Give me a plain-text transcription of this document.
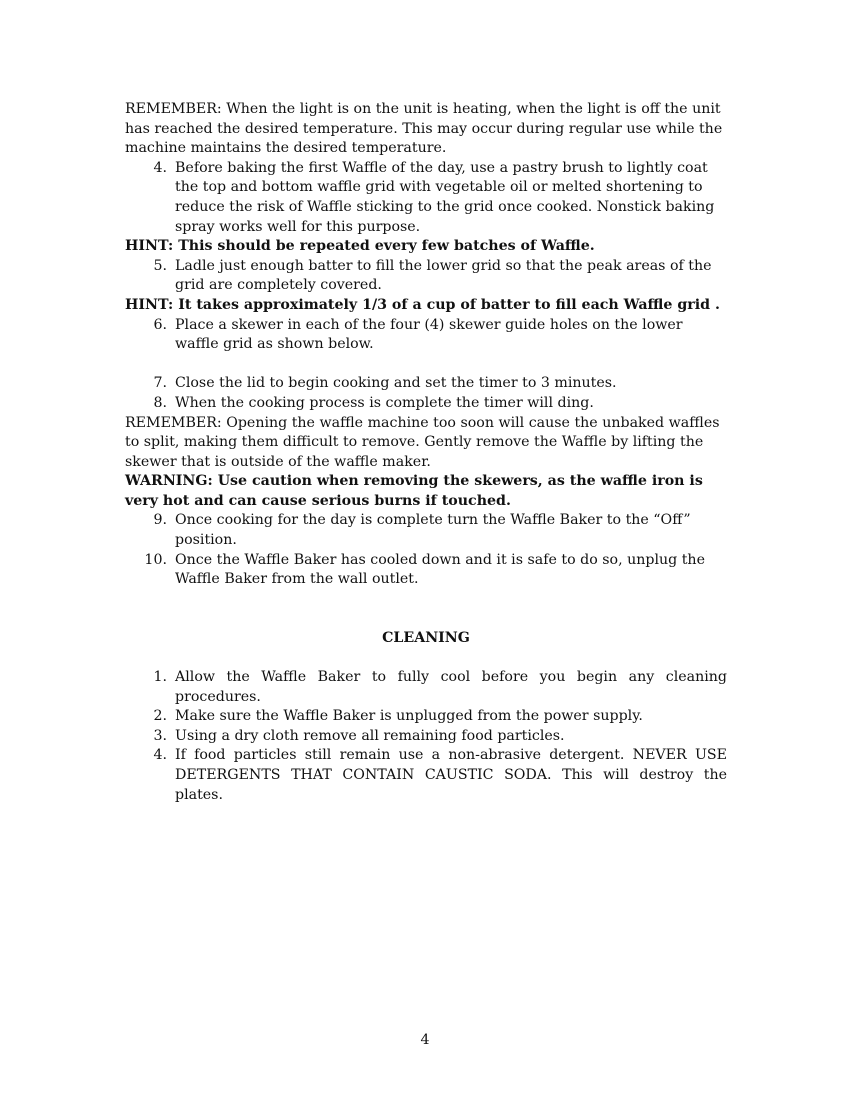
REMEMBER: When the light is on the unit is heating, when the light is off the unit has reached the desired temperature. This may occur during regular use while the machine maintains the desired temperature.

4. Before baking the first Waffle of the day, use a pastry brush to lightly coat the top and bottom waffle grid with vegetable oil or melted shortening to reduce the risk of Waffle sticking to the grid once cooked. Nonstick baking spray works well for this purpose.

HINT: This should be repeated every few batches of Waffle.

5. Ladle just enough batter to fill the lower grid so that the peak areas of the grid are completely covered.

HINT: It takes approximately 1/3 of a cup of batter to fill each Waffle grid .

6. Place a skewer in each of the four (4) skewer guide holes on the lower waffle grid as shown below.
7. Close the lid to begin cooking and set the timer to 3 minutes.
8. When the cooking process is complete the timer will ding.

REMEMBER: Opening the waffle machine too soon will cause the unbaked waffles to split, making them difficult to remove. Gently remove the Waffle by lifting the skewer that is outside of the waffle maker.

WARNING: Use caution when removing the skewers, as the waffle iron is very hot and can cause serious burns if touched.

9. Once cooking for the day is complete turn the Waffle Baker to the “Off” position.
10. Once the Waffle Baker has cooled down and it is safe to do so, unplug the Waffle Baker from the wall outlet.

CLEANING

1. Allow the Waffle Baker to fully cool before you begin any cleaning procedures.
2. Make sure the Waffle Baker is unplugged from the power supply.
3. Using a dry cloth remove all remaining food particles.
4. If food particles still remain use a non-abrasive detergent. NEVER USE DETERGENTS THAT CONTAIN CAUSTIC SODA. This will destroy the plates.
4
